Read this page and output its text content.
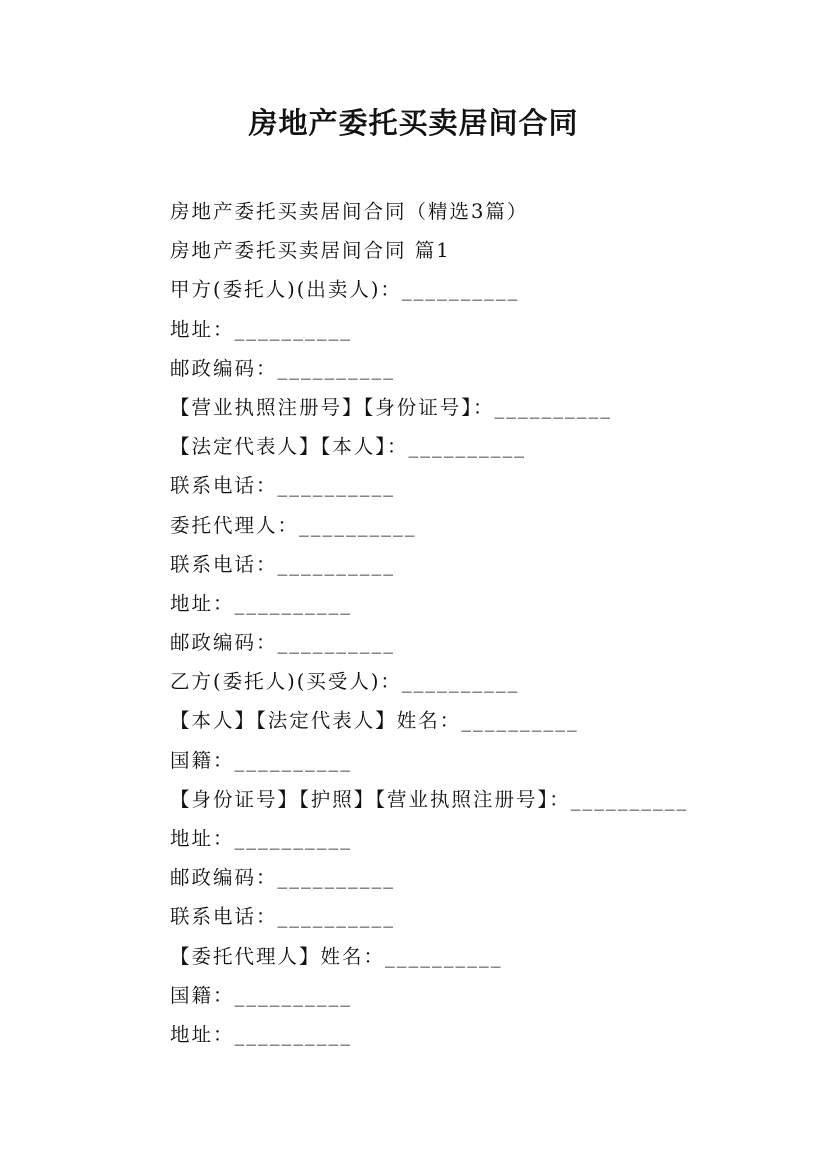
房地产委托买卖居间合同
房地产委托买卖居间合同（精选3篇）
房地产委托买卖居间合同 篇1
甲方(委托人)(出卖人)：__________
地址：__________
邮政编码：__________
【营业执照注册号】【身份证号】：__________
【法定代表人】【本人】：__________
联系电话：__________
委托代理人：__________
联系电话：__________
地址：__________
邮政编码：__________
乙方(委托人)(买受人)：__________
【本人】【法定代表人】姓名：__________
国籍：__________
【身份证号】【护照】【营业执照注册号】：__________
地址：__________
邮政编码：__________
联系电话：__________
【委托代理人】姓名：__________
国籍：__________
地址：__________
